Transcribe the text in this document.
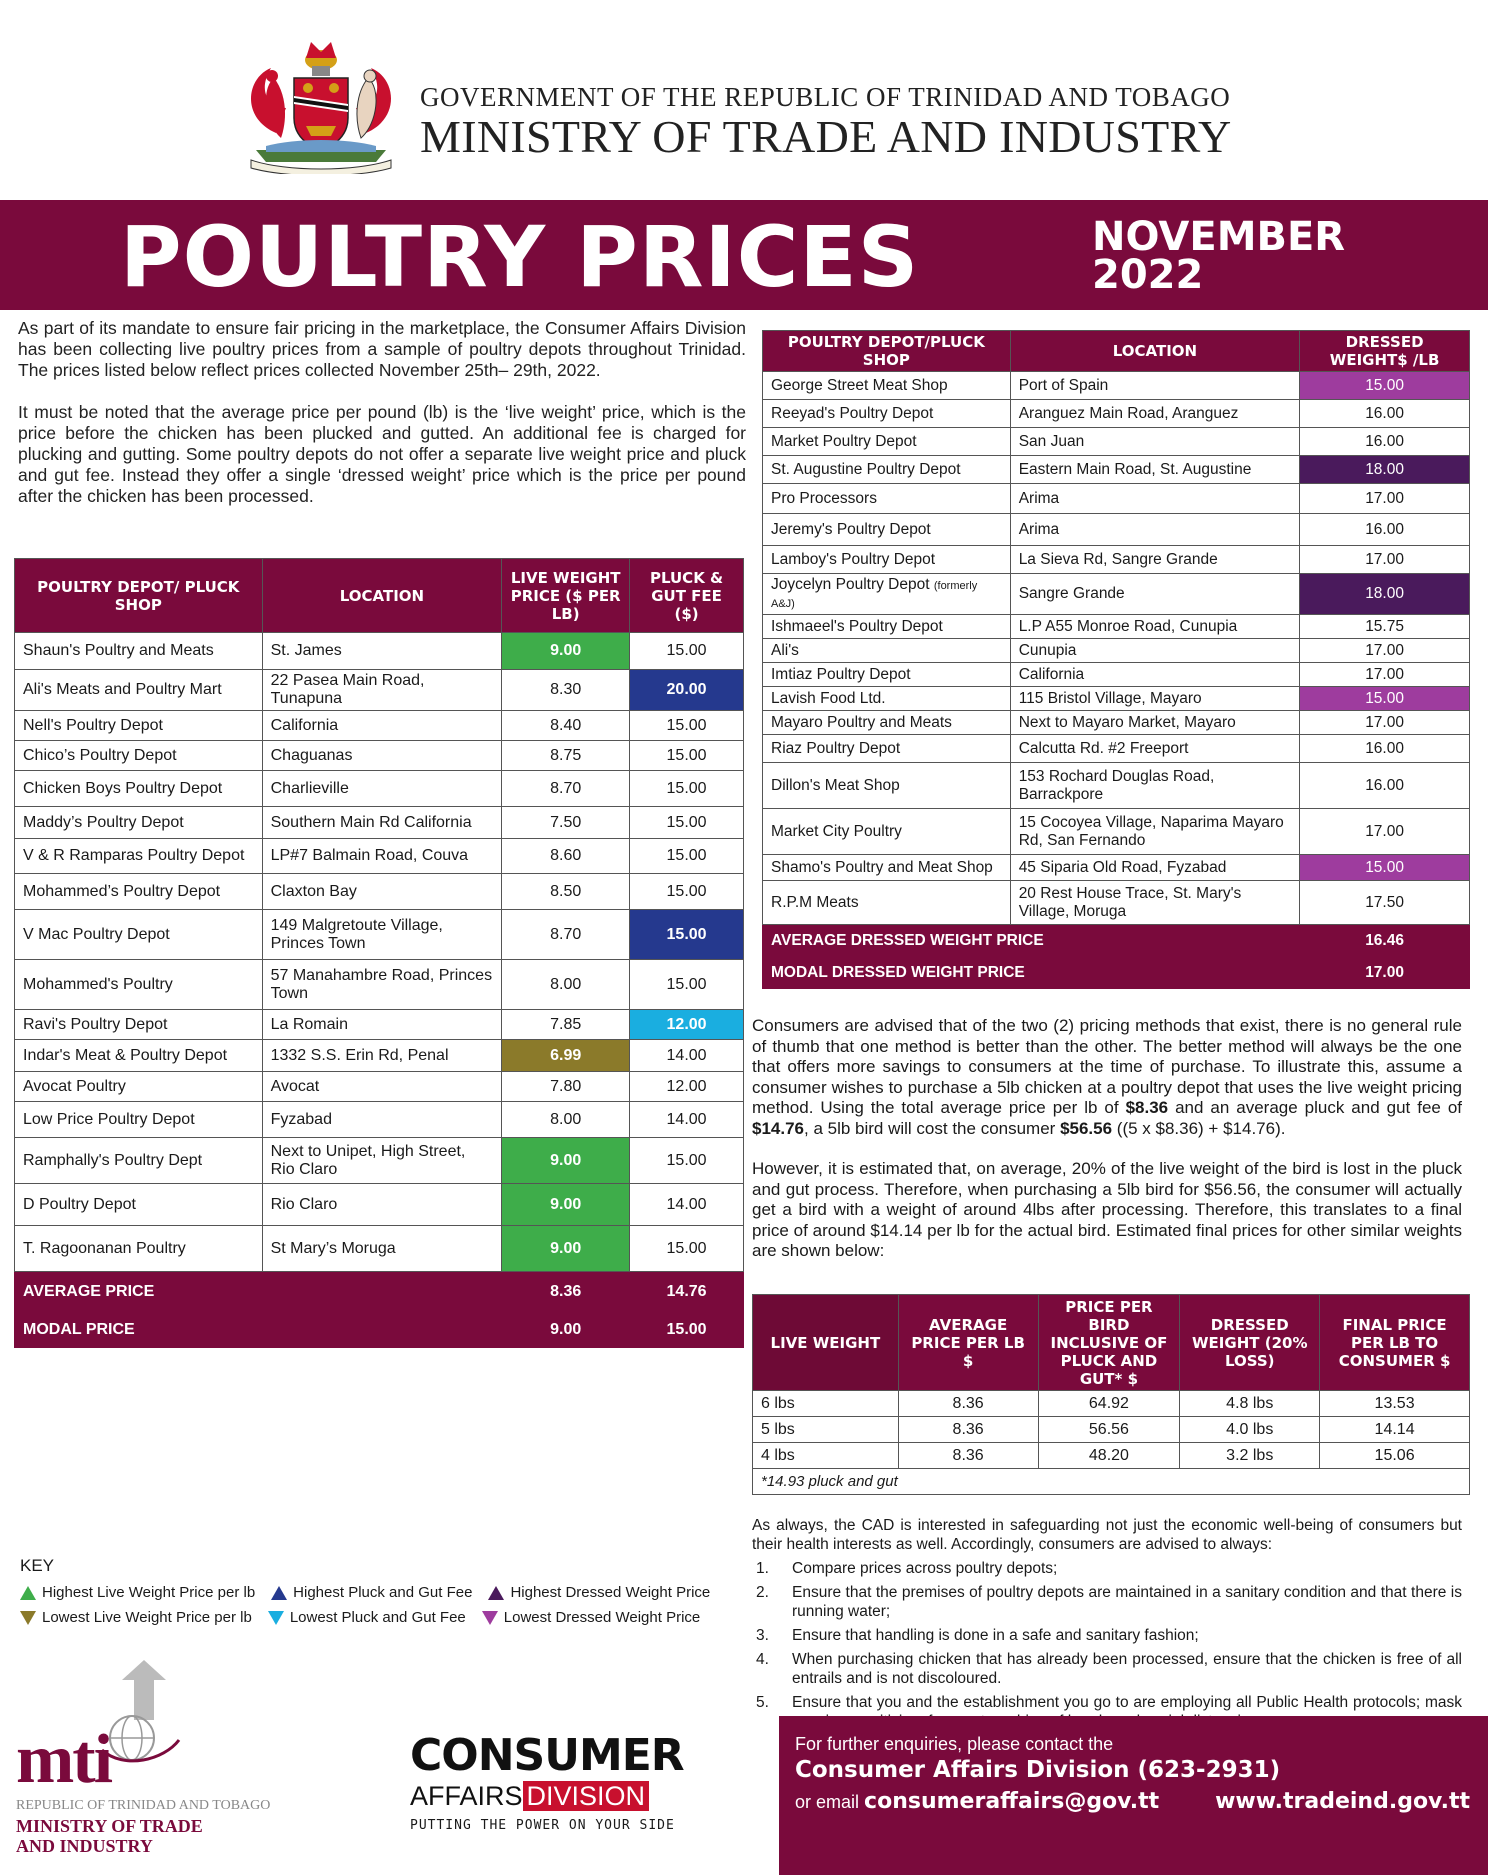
GOVERNMENT OF THE REPUBLIC OF TRINIDAD AND TOBAGO
MINISTRY OF TRADE AND INDUSTRY
POULTRY PRICES	NOVEMBER
2022

As part of its mandate to ensure fair pricing in the marketplace, the Consumer Affairs Division has been collecting live poultry prices from a sample of poultry depots throughout Trinidad. The prices listed below reflect prices collected November 25th– 29th, 2022.

It must be noted that the average price per pound (lb) is the ‘live weight’ price, which is the price before the chicken has been plucked and gutted. An additional fee is charged for plucking and gutting. Some poultry depots do not offer a separate live weight price and pluck and gut fee. Instead they offer a single ‘dressed weight’ price which is the price per pound after the chicken has been processed.

POULTRY DEPOT/ PLUCK SHOP	LOCATION	LIVE WEIGHT PRICE ($ PER LB)	PLUCK & GUT FEE ($)
Shaun's Poultry and Meats	St. James	9.00	15.00
Ali's Meats and Poultry Mart	22 Pasea Main Road, Tunapuna	8.30	20.00
Nell's Poultry Depot	California	8.40	15.00
Chico’s Poultry Depot	Chaguanas	8.75	15.00
Chicken Boys Poultry Depot	Charlieville	8.70	15.00
Maddy’s Poultry Depot	Southern Main Rd California	7.50	15.00
V & R Ramparas Poultry Depot	LP#7 Balmain Road, Couva	8.60	15.00
Mohammed’s Poultry Depot	Claxton Bay	8.50	15.00
V Mac Poultry Depot	149 Malgretoute Village, Princes Town	8.70	15.00
Mohammed's Poultry	57 Manahambre Road, Princes Town	8.00	15.00
Ravi's Poultry Depot	La Romain	7.85	12.00
Indar's Meat & Poultry Depot	1332 S.S. Erin Rd, Penal	6.99	14.00
Avocat Poultry	Avocat	7.80	12.00
Low Price Poultry Depot	Fyzabad	8.00	14.00
Ramphally's Poultry Dept	Next to Unipet, High Street, Rio Claro	9.00	15.00
D Poultry Depot	Rio Claro	9.00	14.00
T. Ragoonanan Poultry	St Mary’s Moruga	9.00	15.00
AVERAGE PRICE		8.36	14.76
MODAL PRICE		9.00	15.00
POULTRY DEPOT/PLUCK SHOP	LOCATION	DRESSED WEIGHT$ /LB
George Street Meat Shop	Port of Spain	15.00
Reeyad's Poultry Depot	Aranguez Main Road, Aranguez	16.00
Market Poultry Depot	San Juan	16.00
St. Augustine Poultry Depot	Eastern Main Road, St. Augustine	18.00
Pro Processors	Arima	17.00
Jeremy's Poultry Depot	Arima	16.00
Lamboy's Poultry Depot	La Sieva Rd, Sangre Grande	17.00
Joycelyn Poultry Depot (formerly A&J)	Sangre Grande	18.00
Ishmaeel's Poultry Depot	L.P A55 Monroe Road, Cunupia	15.75
Ali's	Cunupia	17.00
Imtiaz Poultry Depot	California	17.00
Lavish Food Ltd.	115 Bristol Village, Mayaro	15.00
Mayaro Poultry and Meats	Next to Mayaro Market, Mayaro	17.00
Riaz Poultry Depot	Calcutta Rd. #2 Freeport	16.00
Dillon's Meat Shop	153 Rochard Douglas Road, Barrackpore	16.00
Market City Poultry	15 Cocoyea Village, Naparima Mayaro Rd, San Fernando	17.00
Shamo's Poultry and Meat Shop	45 Siparia Old Road, Fyzabad	15.00
R.P.M Meats	20 Rest House Trace, St. Mary's Village, Moruga	17.50
AVERAGE DRESSED WEIGHT PRICE		16.46
MODAL DRESSED WEIGHT PRICE		17.00

Consumers are advised that of the two (2) pricing methods that exist, there is no general rule of thumb that one method is better than the other. The better method will always be the one that offers more savings to consumers at the time of purchase. To illustrate this, assume a consumer wishes to purchase a 5lb chicken at a poultry depot that uses the live weight pricing method. Using the total average price per lb of $8.36 and an average pluck and gut fee of $14.76, a 5lb bird will cost the consumer $56.56 ((5 x $8.36) + $14.76).

However, it is estimated that, on average, 20% of the live weight of the bird is lost in the pluck and gut process. Therefore, when purchasing a 5lb bird for $56.56, the consumer will actually get a bird with a weight of around 4lbs after processing. Therefore, this translates to a final price of around $14.14 per lb for the actual bird. Estimated final prices for other similar weights are shown below:

LIVE WEIGHT	AVERAGE PRICE PER LB $	PRICE PER BIRD INCLUSIVE OF PLUCK AND GUT* $	DRESSED WEIGHT (20% LOSS)	FINAL PRICE PER LB TO CONSUMER $
6 lbs	8.36	64.92	4.8 lbs	13.53
5 lbs	8.36	56.56	4.0 lbs	14.14
4 lbs	8.36	48.20	3.2 lbs	15.06
*14.93 pluck and gut				
As always, the CAD is interested in safeguarding not just the economic well-being of consumers but their health interests as well. Accordingly, consumers are advised to always:
1. Compare prices across poultry depots;
2. Ensure that the premises of poultry depots are maintained in a sanitary condition and that there is running water;
3. Ensure that handling is done in a safe and sanitary fashion;
4. When purchasing chicken that has already been processed, ensure that the chicken is free of all entrails and is not discoloured.
5. Ensure that you and the establishment you go to are employing all Public Health protocols; mask
KEY
Highest Live Weight Price per lb	Highest Pluck and Gut Fee	Highest Dressed Weight Price
Lowest Live Weight Price per lb	Lowest Pluck and Gut Fee	Lowest Dressed Weight Price
mti
REPUBLIC OF TRINIDAD AND TOBAGO
MINISTRY OF TRADE
AND INDUSTRY
CONSUMER
AFFAIRS DIVISION
PUTTING THE POWER ON YOUR SIDE
For further enquiries, please contact the
Consumer Affairs Division (623-2931)
or email consumeraffairs@gov.tt	www.tradeind.gov.tt
